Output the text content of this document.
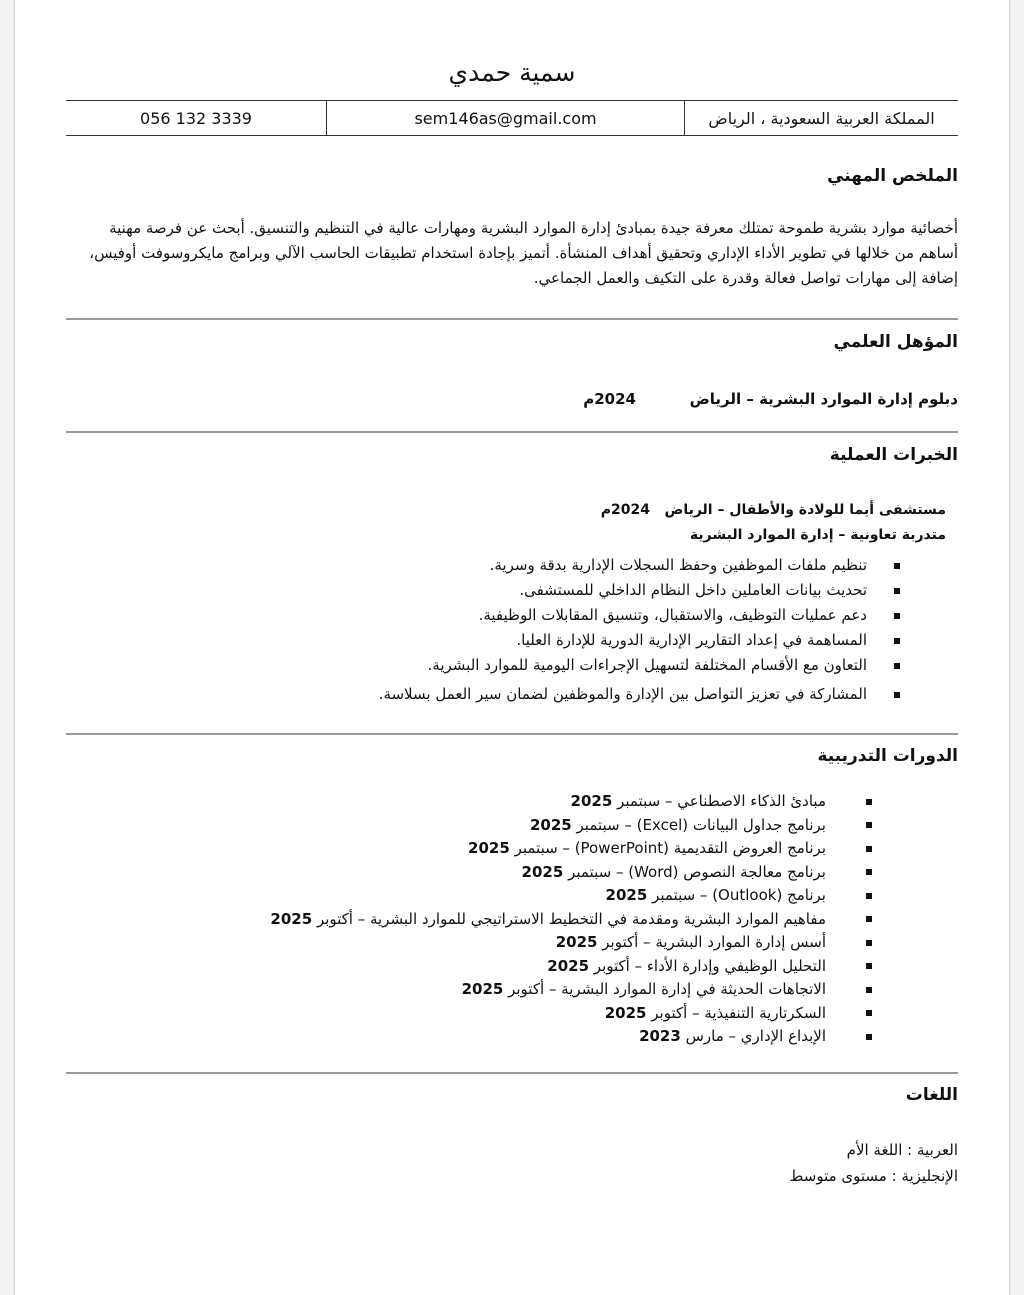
سمية حمدي
المملكة العربية السعودية ، الرياض
sem146as@gmail.com
056 132 3339
الملخص المهني
أخصائية موارد بشرية طموحة تمتلك معرفة جيدة بمبادئ إدارة الموارد البشرية ومهارات عالية في التنظيم والتنسيق. أبحث عن فرصة مهنية أساهم من خلالها في تطوير الأداء الإداري وتحقيق أهداف المنشأة. أتميز بإجادة استخدام تطبيقات الحاسب الآلي وبرامج مايكروسوفت أوفيس، إضافة إلى مهارات تواصل فعالة وقدرة على التكيف والعمل الجماعي.
المؤهل العلمي
دبلوم إدارة الموارد البشرية – الرياض
2024م
الخبرات العملية
مستشفى أيما للولادة والأطفال – الرياض
2024م
متدربة تعاونية – إدارة الموارد البشرية
تنظيم ملفات الموظفين وحفظ السجلات الإدارية بدقة وسرية.
تحديث بيانات العاملين داخل النظام الداخلي للمستشفى.
دعم عمليات التوظيف، والاستقبال، وتنسيق المقابلات الوظيفية.
المساهمة في إعداد التقارير الإدارية الدورية للإدارة العليا.
التعاون مع الأقسام المختلفة لتسهيل الإجراءات اليومية للموارد البشرية.
المشاركة في تعزيز التواصل بين الإدارة والموظفين لضمان سير العمل بسلاسة.
الدورات التدريبية
مبادئ الذكاء الاصطناعي – سبتمبر 2025
برنامج جداول البيانات (Excel) – سبتمبر 2025
برنامج العروض التقديمية (PowerPoint) – سبتمبر 2025
برنامج معالجة النصوص (Word) – سبتمبر 2025
برنامج (Outlook) – سبتمبر 2025
مفاهيم الموارد البشرية ومقدمة في التخطيط الاستراتيجي للموارد البشرية – أكتوبر 2025
أسس إدارة الموارد البشرية – أكتوبر 2025
التحليل الوظيفي وإدارة الأداء – أكتوبر 2025
الاتجاهات الحديثة في إدارة الموارد البشرية – أكتوبر 2025
السكرتارية التنفيذية – أكتوبر 2025
الإبداع الإداري – مارس 2023
اللغات
العربية : اللغة الأم
الإنجليزية : مستوى متوسط
